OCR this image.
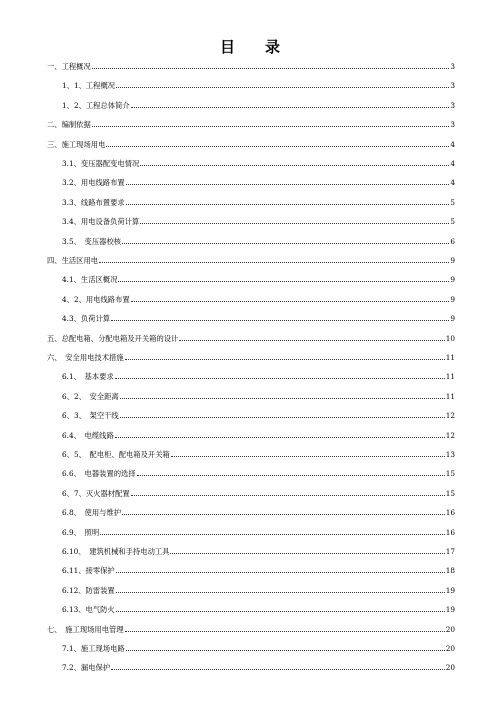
目　　录
一、工程概况	3
1、1、工程概况	3
1、2、工程总体简介	3
二、编制依据	3
三、施工现场用电	4
3.1、变压器配变电情况	4
3.2、用电线路布置	4
3.3、线路布置要求	5
3.4、用电设备负荷计算	5
3.5、　变压器校核	6
四、生活区用电	9
4.1、生活区概况	9
4、2、用电线路布置	9
4.3、负荷计算	9
五、总配电箱、分配电箱及开关箱的设计	10
六、　安全用电技术措施	11
6.1、　基本要求	11
6、2、　安全距离	11
6、3、　架空干线	12
6.4、　电缆线路	12
6、5、　配电柜、配电箱及开关箱	13
6.6、　电器装置的选择	15
6、7、灭火器材配置	15
6.8、　使用与维护	16
6.9、　照明	16
6.10、　建筑机械和手持电动工具	17
6.11、接零保护	18
6.12、防雷装置	19
6.13、电气防火	19
七、　施工现场用电管理	20
7.1、施工现场电路	20
7.2、漏电保护	20
